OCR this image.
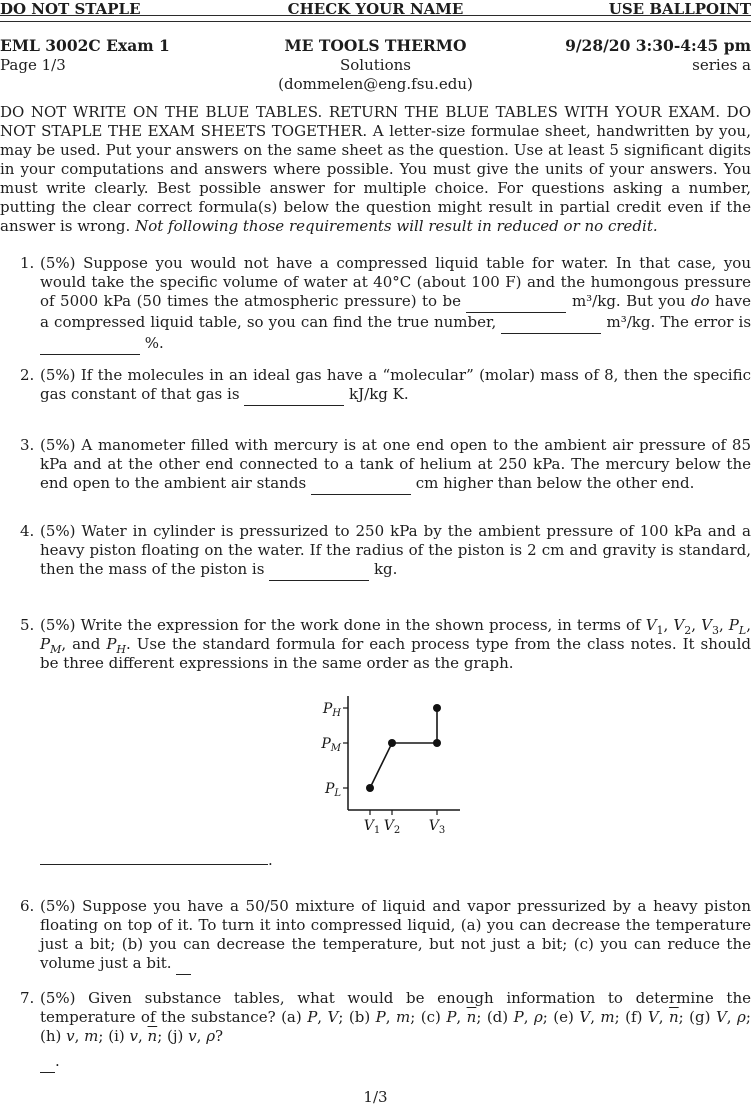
DO NOT STAPLE	CHECK YOUR NAME	USE BALLPOINT
EML 3002C Exam 1	ME TOOLS THERMO	9/28/20 3:30-4:45 pm
Page 1/3	Solutions (dommelen@eng.fsu.edu)
series a

DO NOT WRITE ON THE BLUE TABLES. RETURN THE BLUE TABLES WITH YOUR EXAM. DO NOT STAPLE THE EXAM SHEETS TOGETHER. A letter-size formulae sheet, handwritten by you, may be used. Put your answers on the same sheet as the question. Use at least 5 significant digits in your computations and answers where possible. You must give the units of your answers. You must write clearly. Best possible answer for multiple choice. For questions asking a number, putting the clear correct formula(s) below the question might result in partial credit even if the answer is wrong. Not following those requirements will result in reduced or no credit.

1. (5%) Suppose you would not have a compressed liquid table for water. In that case, you would take the specific volume of water at 40°C (about 100 F) and the humongous pressure of 5000 kPa (50 times the atmospheric pressure) to be	m³/kg. But you do have a compressed liquid table, so you can find the true number,	m³/kg. The error is  %.
2. (5%) If the molecules in an ideal gas have a “molecular” (molar) mass of 8, then the specific gas constant of that gas is	kJ/kg K.
3. (5%) A manometer filled with mercury is at one end open to the ambient air pressure of 85 kPa and at the other end connected to a tank of helium at 250 kPa. The mercury below the end open to the ambient air stands	cm higher than below the other end.
4. (5%) Water in cylinder is pressurized to 250 kPa by the ambient pressure of 100 kPa and a heavy piston floating on the water. If the radius of the piston is 2 cm and gravity is standard, then the mass of the piston is	kg.
5. (5%) Write the expression for the work done in the shown process, in terms of $V_1$, $V_2$, $V_3$, $P_L$, $P_M$, and $P_H$. Use the standard formula for each process type from the class notes. It should be three different expressions in the same order as the graph.
$P_H$
$P_M$
$P_L$
$V_1$ $V_2$ $V_3$
.
6. (5%) Suppose you have a 50/50 mixture of liquid and vapor pressurized by a heavy piston floating on top of it. To turn it into compressed liquid, (a) you can decrease the temperature just a bit; (b) you can decrease the temperature, but not just a bit; (c) you can reduce the volume just a bit.
7. (5%) Given substance tables, what would be enough information to determine the temperature of the substance? (a) P, V; (b) P, m; (c) P, $\overline{n}$; (d) P, ρ; (e) V, m; (f) V, $\overline{n}$; (g) V, ρ; (h) v, m; (i) v, $\overline{n}$; (j) v, ρ?
.
1/3
